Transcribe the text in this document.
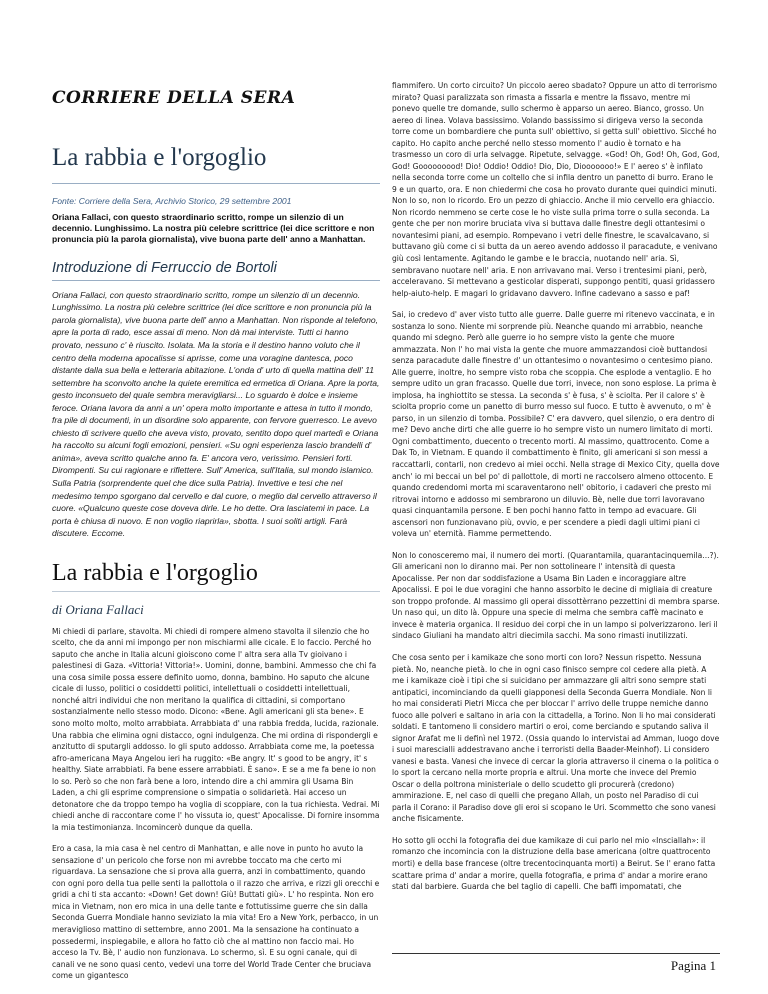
CORRIERE DELLA SERA
La rabbia e l'orgoglio
Fonte: Corriere della Sera, Archivio Storico, 29 settembre 2001
Oriana Fallaci, con questo straordinario scritto, rompe un silenzio di un decennio. Lunghissimo. La nostra più celebre scrittrice (lei dice scrittore e non pronuncia più la parola giornalista), vive buona parte dell' anno a Manhattan.
Introduzione di Ferruccio de Bortoli
Oriana Fallaci, con questo straordinario scritto, rompe un silenzio di un decennio. Lunghissimo. La nostra più celebre scrittrice (lei dice scrittore e non pronuncia più la parola giornalista), vive buona parte dell' anno a Manhattan. Non risponde al telefono, apre la porta di rado, esce assai di meno. Non dà mai interviste. Tutti ci hanno provato, nessuno c' è riuscito. Isolata. Ma la storia e il destino hanno voluto che il centro della moderna apocalisse si aprisse, come una voragine dantesca, poco distante dalla sua bella e letteraria abitazione. L'onda d' urto di quella mattina dell' 11 settembre ha sconvolto anche la quiete eremitica ed ermetica di Oriana. Apre la porta, gesto inconsueto del quale sembra meravigliarsi... Lo sguardo è dolce e insieme feroce. Oriana lavora da anni a un' opera molto importante e attesa in tutto il mondo, fra pile di documenti, in un disordine solo apparente, con fervore guerresco. Le avevo chiesto di scrivere quello che aveva visto, provato, sentito dopo quel martedì e Oriana ha raccolto su alcuni fogli emozioni, pensieri. «Su ogni esperienza lascio brandelli d' anima», aveva scritto qualche anno fa. E' ancora vero, verissimo. Pensieri forti. Dirompenti. Su cui ragionare e riflettere. Sull' America, sull'Italia, sul mondo islamico. Sulla Patria (sorprendente quel che dice sulla Patria). Invettive e tesi che nel medesimo tempo sgorgano dal cervello e dal cuore, o meglio dal cervello attraverso il cuore. «Qualcuno queste cose doveva dirle. Le ho dette. Ora lasciatemi in pace. La porta è chiusa di nuovo. E non voglio riaprirla», sbotta. I suoi soliti artigli. Farà discutere. Eccome.
La rabbia e l'orgoglio
di Oriana Fallaci

Mi chiedi di parlare, stavolta. Mi chiedi di rompere almeno stavolta il silenzio che ho scelto, che da anni mi impongo per non mischiarmi alle cicale. E lo faccio. Perché ho saputo che anche in Italia alcuni gioiscono come l' altra sera alla Tv gioivano i palestinesi di Gaza. «Vittoria! Vittoria!». Uomini, donne, bambini. Ammesso che chi fa una cosa simile possa essere definito uomo, donna, bambino. Ho saputo che alcune cicale di lusso, politici o cosiddetti politici, intellettuali o cosiddetti intellettuali, nonché altri individui che non meritano la qualifica di cittadini, si comportano sostanzialmente nello stesso modo. Dicono: «Bene. Agli americani gli sta bene». E sono molto molto, molto arrabbiata. Arrabbiata d' una rabbia fredda, lucida, razionale. Una rabbia che elimina ogni distacco, ogni indulgenza. Che mi ordina di rispondergli e anzitutto di sputargli addosso. Io gli sputo addosso. Arrabbiata come me, la poetessa afro-americana Maya Angelou ieri ha ruggito: «Be angry. It' s good to be angry, it' s healthy. Siate arrabbiati. Fa bene essere arrabbiati. È sano». E se a me fa bene io non lo so. Però so che non farà bene a loro, intendo dire a chi ammira gli Usama Bin Laden, a chi gli esprime comprensione o simpatia o solidarietà. Hai acceso un detonatore che da troppo tempo ha voglia di scoppiare, con la tua richiesta. Vedrai. Mi chiedi anche di raccontare come l' ho vissuta io, quest' Apocalisse. Di fornire insomma la mia testimonianza. Incomincerò dunque da quella.

Ero a casa, la mia casa è nel centro di Manhattan, e alle nove in punto ho avuto la sensazione d' un pericolo che forse non mi avrebbe toccato ma che certo mi riguardava. La sensazione che si prova alla guerra, anzi in combattimento, quando con ogni poro della tua pelle senti la pallottola o il razzo che arriva, e rizzi gli orecchi e gridi a chi ti sta accanto: «Down! Get down! Giù! Buttati giù». L' ho respinta. Non ero mica in Vietnam, non ero mica in una delle tante e fottutissime guerre che sin dalla Seconda Guerra Mondiale hanno seviziato la mia vita! Ero a New York, perbacco, in un meraviglioso mattino di settembre, anno 2001. Ma la sensazione ha continuato a possedermi, inspiegabile, e allora ho fatto ciò che al mattino non faccio mai. Ho acceso la Tv. Bè, l' audio non funzionava. Lo schermo, sì. E su ogni canale, qui di canali ve ne sono quasi cento, vedevi una torre del World Trade Center che bruciava come un gigantesco

fiammifero. Un corto circuito? Un piccolo aereo sbadato? Oppure un atto di terrorismo mirato? Quasi paralizzata son rimasta a fissarla e mentre la fissavo, mentre mi ponevo quelle tre domande, sullo schermo è apparso un aereo. Bianco, grosso. Un aereo di linea. Volava bassissimo. Volando bassissimo si dirigeva verso la seconda torre come un bombardiere che punta sull' obiettivo, si getta sull' obiettivo. Sicché ho capito. Ho capito anche perché nello stesso momento l' audio è tornato e ha trasmesso un coro di urla selvagge. Ripetute, selvagge. «God! Oh, God! Oh, God, God, God! Gooooooood! Dio! Oddio! Oddio! Dio, Dio, Diooooooo!» E l' aereo s' è infilato nella seconda torre come un coltello che si infila dentro un panetto di burro. Erano le 9 e un quarto, ora. E non chiedermi che cosa ho provato durante quei quindici minuti. Non lo so, non lo ricordo. Ero un pezzo di ghiaccio. Anche il mio cervello era ghiaccio. Non ricordo nemmeno se certe cose le ho viste sulla prima torre o sulla seconda. La gente che per non morire bruciata viva si buttava dalle finestre degli ottantesimi o novantesimi piani, ad esempio. Rompevano i vetri delle finestre, le scavalcavano, si buttavano giù come ci si butta da un aereo avendo addosso il paracadute, e venivano giù così lentamente. Agitando le gambe e le braccia, nuotando nell' aria. Sì, sembravano nuotare nell' aria. E non arrivavano mai. Verso i trentesimi piani, però, acceleravano. Si mettevano a gesticolar disperati, suppongo pentiti, quasi gridassero help-aiuto-help. E magari lo gridavano davvero. Infine cadevano a sasso e paf!

Sai, io credevo d' aver visto tutto alle guerre. Dalle guerre mi ritenevo vaccinata, e in sostanza lo sono. Niente mi sorprende più. Neanche quando mi arrabbio, neanche quando mi sdegno. Però alle guerre io ho sempre visto la gente che muore ammazzata. Non l' ho mai vista la gente che muore ammazzandosi cioè buttandosi senza paracadute dalle finestre d' un ottantesimo o novantesimo o centesimo piano. Alle guerre, inoltre, ho sempre visto roba che scoppia. Che esplode a ventaglio. E ho sempre udito un gran fracasso. Quelle due torri, invece, non sono esplose. La prima è implosa, ha inghiottito se stessa. La seconda s' è fusa, s' è sciolta. Per il calore s' è sciolta proprio come un panetto di burro messo sul fuoco. E tutto è avvenuto, o m' è parso, in un silenzio di tomba. Possibile? C' era davvero, quel silenzio, o era dentro di me? Devo anche dirti che alle guerre io ho sempre visto un numero limitato di morti. Ogni combattimento, duecento o trecento morti. Al massimo, quattrocento. Come a Dak To, in Vietnam. E quando il combattimento è finito, gli americani si son messi a raccattarli, contarli, non credevo ai miei occhi. Nella strage di Mexico City, quella dove anch' io mi beccai un bel po' di pallottole, di morti ne raccolsero almeno ottocento. E quando credendomi morta mi scaraventarono nell' obitorio, i cadaveri che presto mi ritrovai intorno e addosso mi sembrarono un diluvio. Bè, nelle due torri lavoravano quasi cinquantamila persone. E ben pochi hanno fatto in tempo ad evacuare. Gli ascensori non funzionavano più, ovvio, e per scendere a piedi dagli ultimi piani ci voleva un' eternità. Fiamme permettendo.

Non lo conosceremo mai, il numero dei morti. (Quarantamila, quarantacinquemila...?). Gli americani non lo diranno mai. Per non sottolineare l' intensità di questa Apocalisse. Per non dar soddisfazione a Usama Bin Laden e incoraggiare altre Apocalissi. E poi le due voragini che hanno assorbito le decine di migliaia di creature son troppo profonde. Al massimo gli operai dissottèrrano pezzettini di membra sparse. Un naso qui, un dito là. Oppure una specie di melma che sembra caffè macinato e invece è materia organica. Il residuo dei corpi che in un lampo si polverizzarono. Ieri il sindaco Giuliani ha mandato altri diecimila sacchi. Ma sono rimasti inutilizzati.

Che cosa sento per i kamikaze che sono morti con loro? Nessun rispetto. Nessuna pietà. No, neanche pietà. Io che in ogni caso finisco sempre col cedere alla pietà. A me i kamikaze cioè i tipi che si suicidano per ammazzare gli altri sono sempre stati antipatici, incominciando da quelli giapponesi della Seconda Guerra Mondiale. Non li ho mai considerati Pietri Micca che per bloccar l' arrivo delle truppe nemiche danno fuoco alle polveri e saltano in aria con la cittadella, a Torino. Non li ho mai considerati soldati. E tantomeno li considero martiri o eroi, come berciando e sputando saliva il signor Arafat me li definì nel 1972. (Ossia quando lo intervistai ad Amman, luogo dove i suoi marescialli addestravano anche i terroristi della Baader-Meinhof). Li considero vanesi e basta. Vanesi che invece di cercar la gloria attraverso il cinema o la politica o lo sport la cercano nella morte propria e altrui. Una morte che invece del Premio Oscar o della poltrona ministeriale o dello scudetto gli procurerà (credono) ammirazione. E, nel caso di quelli che pregano Allah, un posto nel Paradiso di cui parla il Corano: il Paradiso dove gli eroi si scopano le Uri. Scommetto che sono vanesi anche fisicamente.

Ho sotto gli occhi la fotografia dei due kamikaze di cui parlo nel mio «Insciallah»: il romanzo che incomincia con la distruzione della base americana (oltre quattrocento morti) e della base francese (oltre trecentocinquanta morti) a Beirut. Se l' erano fatta scattare prima d' andar a morire, quella fotografia, e prima d' andar a morire erano stati dal barbiere. Guarda che bel taglio di capelli. Che baffi impomatati, che

Pagina 1
